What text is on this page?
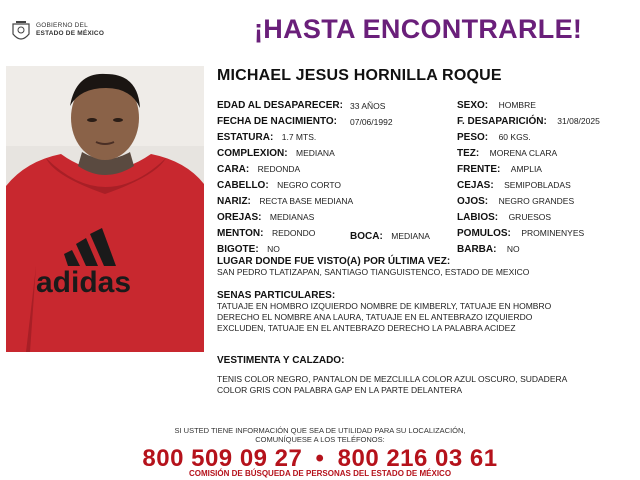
GOBIERNO DEL
ESTADO DE MÉXICO	¡HASTA ENCONTRARLE!
MICHAEL JESUS HORNILLA ROQUE
adidas
EDAD AL DESAPARECER: 33 AÑOS
FECHA DE NACIMIENTO: 07/06/1992
ESTATURA: 1.7 MTS.
COMPLEXION: MEDIANA
CARA: REDONDA
CABELLO: NEGRO CORTO
NARIZ: RECTA BASE MEDIANA
OREJAS: MEDIANAS
MENTON: REDONDO	BOCA: MEDIANA
BIGOTE: NO
SEXO: HOMBRE
F. DESAPARICIÓN: 31/08/2025
PESO: 60 KGS.
TEZ: MORENA CLARA
FRENTE: AMPLIA
CEJAS: SEMIPOBLADAS
OJOS: NEGRO GRANDES
LABIOS: GRUESOS
POMULOS: PROMINENYES
BARBA: NO
LUGAR DONDE FUE VISTO(A) POR ÚLTIMA VEZ:
SAN PEDRO TLATIZAPAN, SANTIAGO TIANGUISTENCO, ESTADO DE MEXICO
SENAS PARTICULARES:
TATUAJE EN HOMBRO IZQUIERDO NOMBRE DE KIMBERLY, TATUAJE EN HOMBRO
DERECHO EL NOMBRE ANA LAURA, TATUAJE EN EL ANTEBRAZO IZQUIERDO
EXCLUDEN, TATUAJE EN EL ANTEBRAZO DERECHO LA PALABRA ACIDEZ
VESTIMENTA Y CALZADO:
TENIS COLOR NEGRO, PANTALON DE MEZCLILLA COLOR AZUL OSCURO, SUDADERA
COLOR GRIS CON PALABRA GAP EN LA PARTE DELANTERA
SI USTED TIENE INFORMACIÓN QUE SEA DE UTILIDAD PARA SU LOCALIZACIÓN,
COMUNÍQUESE A LOS TELÉFONOS:
800 509 09 27 • 800 216 03 61
COMISIÓN DE BÚSQUEDA DE PERSONAS DEL ESTADO DE MÉXICO
